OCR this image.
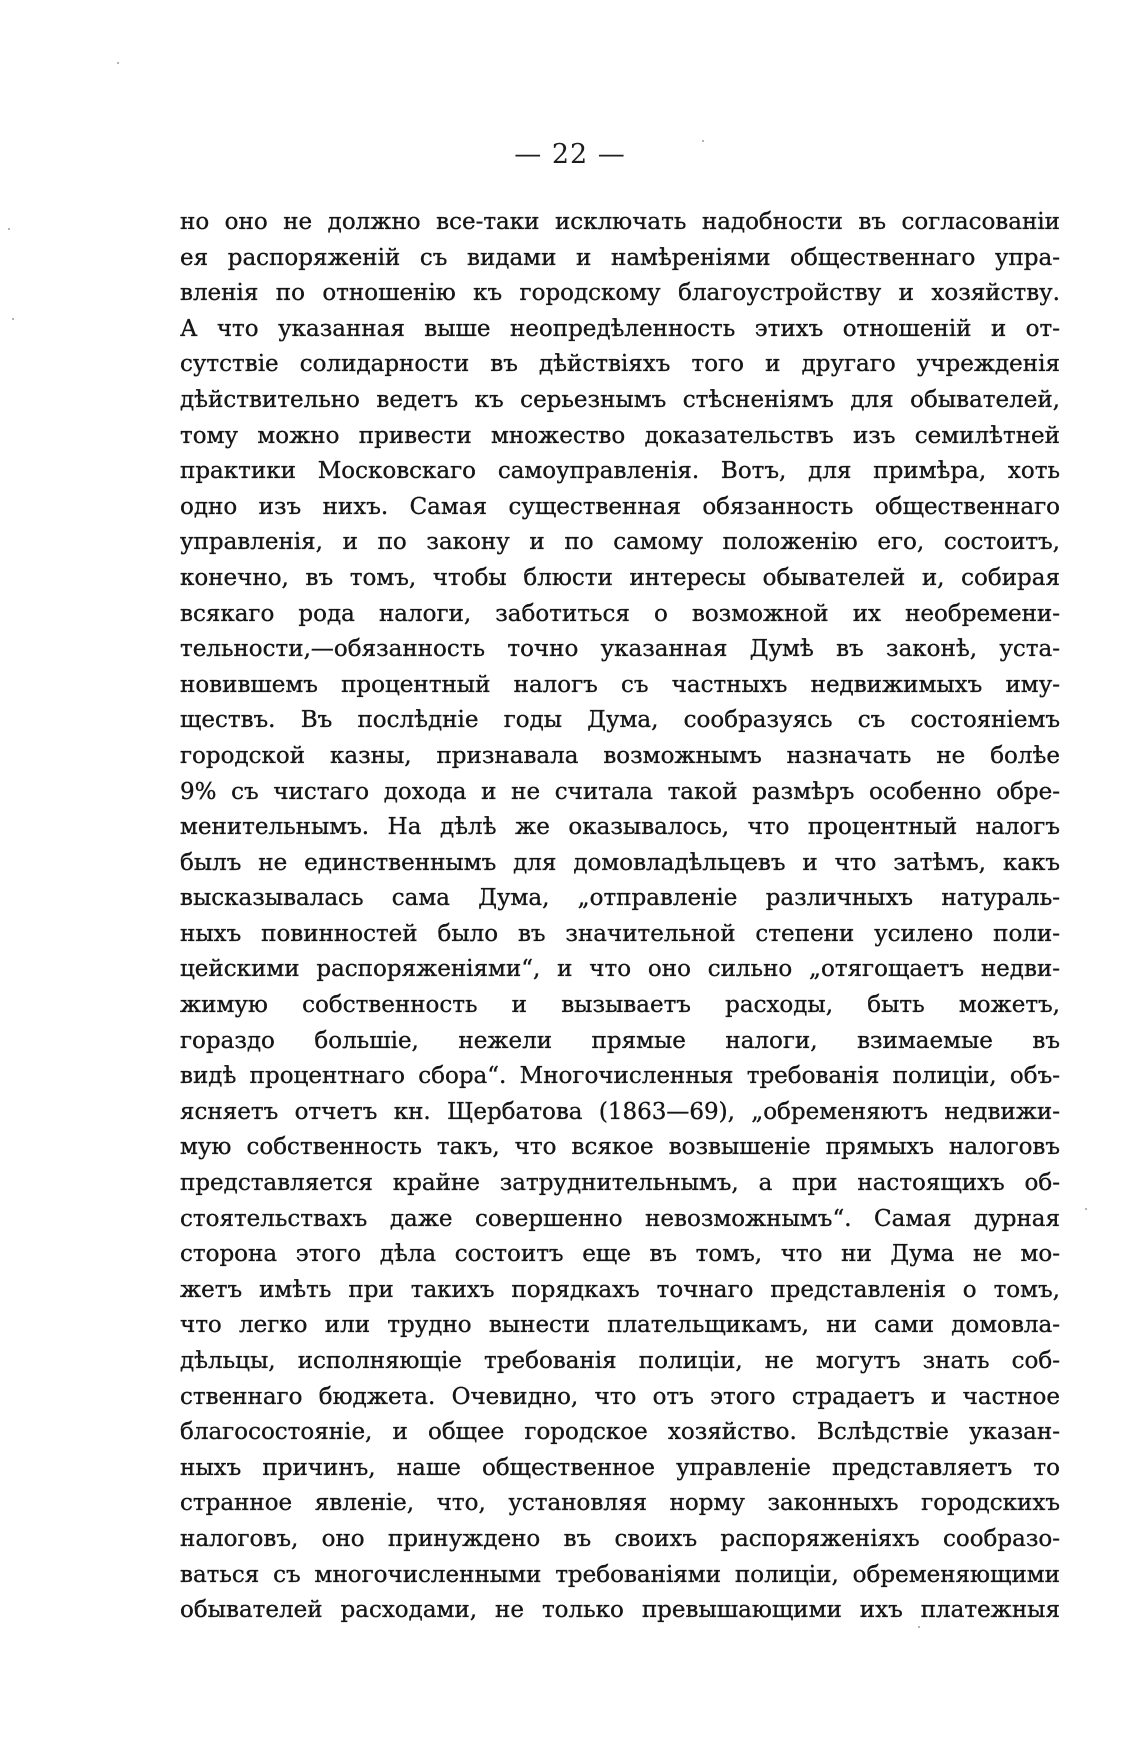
— 22 —
но оно не должно все-таки исключать надобности въ согласованіи
ея распоряженій съ видами и намѣреніями общественнаго упра-
вленія по отношенію къ городскому благоустройству и хозяйству.
А что указанная выше неопредѣленность этихъ отношеній и от-
сутствіе солидарности въ дѣйствіяхъ того и другаго учрежденія
дѣйствительно ведетъ къ серьезнымъ стѣсненіямъ для обывателей,
тому можно привести множество доказательствъ изъ семилѣтней
практики Московскаго самоуправленія. Вотъ, для примѣра, хоть
одно изъ нихъ. Самая существенная обязанность общественнаго
управленія, и по закону и по самому положенію его, состоитъ,
конечно, въ томъ, чтобы блюсти интересы обывателей и, собирая
всякаго рода налоги, заботиться о возможной их необремени-
тельности,—обязанность точно указанная Думѣ въ законѣ, уста-
новившемъ процентный налогъ съ частныхъ недвижимыхъ иму-
ществъ. Въ послѣдніе годы Дума, сообразуясь съ состояніемъ
городской казны, признавала возможнымъ назначать не болѣе
9% съ чистаго дохода и не считала такой размѣръ особенно обре-
менительнымъ. На дѣлѣ же оказывалось, что процентный налогъ
былъ не единственнымъ для домовладѣльцевъ и что затѣмъ, какъ
высказывалась сама Дума, „отправленіе различныхъ натураль-
ныхъ повинностей было въ значительной степени усилено поли-
цейскими распоряженіями“, и что оно сильно „отягощаетъ недви-
жимую собственность и вызываетъ расходы, быть можетъ,
гораздо большіе, нежели прямые налоги, взимаемые въ
видѣ процентнаго сбора“. Многочисленныя требованія полиціи, объ-
ясняетъ отчетъ кн. Щербатова (1863—69), „обременяютъ недвижи-
мую собственность такъ, что всякое возвышеніе прямыхъ налоговъ
представляется крайне затруднительнымъ, а при настоящихъ об-
стоятельствахъ даже совершенно невозможнымъ“. Самая дурная
сторона этого дѣла состоитъ еще въ томъ, что ни Дума не мо-
жетъ имѣть при такихъ порядкахъ точнаго представленія о томъ,
что легко или трудно вынести плательщикамъ, ни сами домовла-
дѣльцы, исполняющіе требованія полиціи, не могутъ знать соб-
ственнаго бюджета. Очевидно, что отъ этого страдаетъ и частное
благосостояніе, и общее городское хозяйство. Вслѣдствіе указан-
ныхъ причинъ, наше общественное управленіе представляетъ то
странное явленіе, что, установляя норму законныхъ городскихъ
налоговъ, оно принуждено въ своихъ распоряженіяхъ сообразо-
ваться съ многочисленными требованіями полиціи, обременяющими
обывателей расходами, не только превышающими ихъ платежныя
